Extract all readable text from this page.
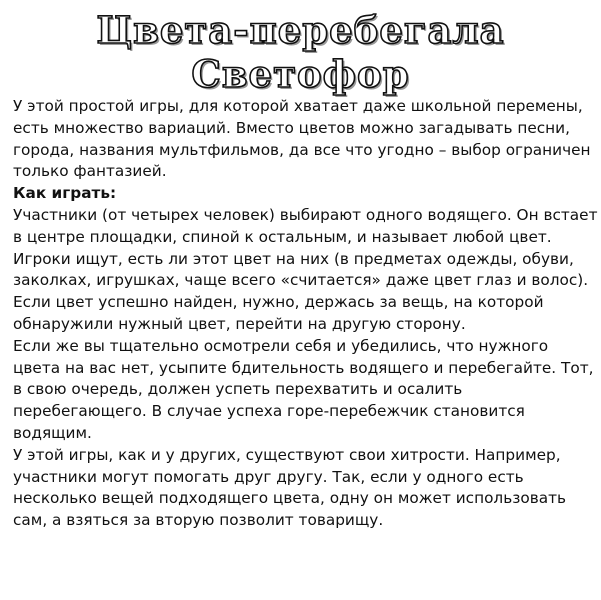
Цвета-перебегала
Светофор

У этой простой игры, для которой хватает даже школьной перемены, есть множество вариаций. Вместо цветов можно загадывать песни, города, названия мультфильмов, да все что угодно – выбор ограничен только фантазией.

Как играть:

Участники (от четырех человек) выбирают одного водящего. Он встает в центре площадки, спиной к остальным, и называет любой цвет. Игроки ищут, есть ли этот цвет на них (в предметах одежды, обуви, заколках, игрушках, чаще всего «считается» даже цвет глаз и волос).

Если цвет успешно найден, нужно, держась за вещь, на которой обнаружили нужный цвет, перейти на другую сторону.

Если же вы тщательно осмотрели себя и убедились, что нужного цвета на вас нет, усыпите бдительность водящего и перебегайте. Тот, в свою очередь, должен успеть перехватить и осалить перебегающего. В случае успеха горе-перебежчик становится водящим.

У этой игры, как и у других, существуют свои хитрости. Например, участники могут помогать друг другу. Так, если у одного есть несколько вещей подходящего цвета, одну он может использовать сам, а взяться за вторую позволит товарищу.
